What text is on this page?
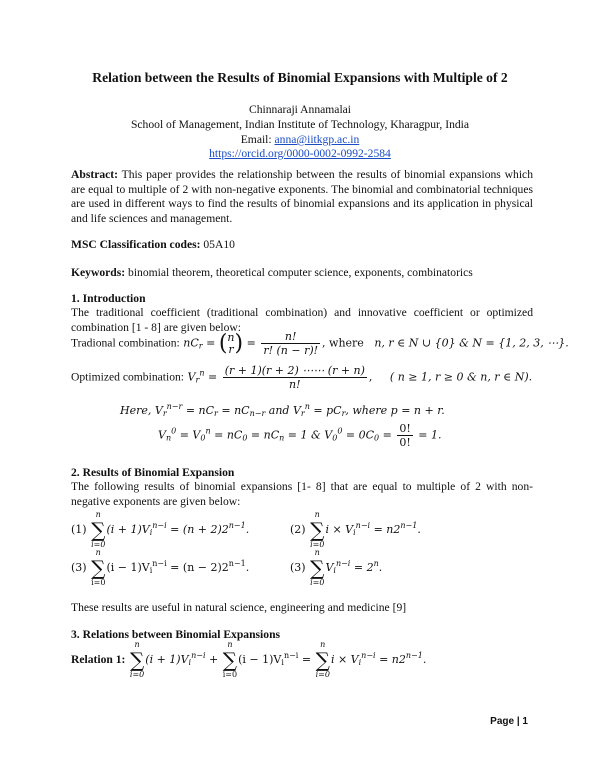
Relation between the Results of Binomial Expansions with Multiple of 2
Chinnaraji Annamalai
School of Management, Indian Institute of Technology, Kharagpur, India
Email: anna@iitkgp.ac.in
https://orcid.org/0000-0002-0992-2584
Abstract: This paper provides the relationship between the results of binomial expansions which are equal to multiple of 2 with non-negative exponents. The binomial and combinatorial techniques are used in different ways to find the results of binomial expansions and its application in physical and life sciences and management.
MSC Classification codes: 05A10
Keywords: binomial theorem, theoretical computer science, exponents, combinatorics
1. Introduction
The traditional coefficient (traditional combination) and innovative coefficient or optimized combination [1 - 8] are given below:
Tradional combination: $nC_r = (n$
$r) = \frac{n!}{r! (n - r)!}$ , where n, r ∈ N ∪ {0} & N = {1, 2, 3, ⋯}.
Optimized combination: $V_r^n = \frac{(r + 1)(r + 2) \cdots\cdots (r + n)}{n!}$ ,     ( n ≥ 1, r ≥ 0 & n, r ∈ N).
Here, $V_r^{n-r} = nC_r = nC_{n-r}$ and $V_r^n = pC_r$, where p = n + r.
$V_n^0 = V_0^n = nC_0 = nC_n = 1$ & $V_0^0 = 0C_0 = \frac{0!}{0!} = 1$.
2. Results of Binomial Expansion
The following results of binomial expansions [1- 8] that are equal to multiple of 2 with non-negative exponents are given below:
(1)
n
∑
i=0
$(i + 1)V_i^{n-i} = (n + 2)2^{n-1}$.	(2)
n
∑
i=0
$i \times V_i^{n-i} = n2^{n-1}$.
(3)
n
∑
i=0
$(i - 1)V_i^{n-i} = (n - 2)2^{n-1}$.	(3)
n
∑
i=0
$V_i^{n-i} = 2^n$.
These results are useful in natural science, engineering and medicine [9]
3. Relations between Binomial Expansions
Relation 1:
n
∑
i=0
$(i + 1)V_i^{n-i}$ +
n
∑
i=0
$(i - 1)V_i^{n-i}$ =
n
∑
i=0
$i \times V_i^{n-i} = n2^{n-1}$.
Page | 1
